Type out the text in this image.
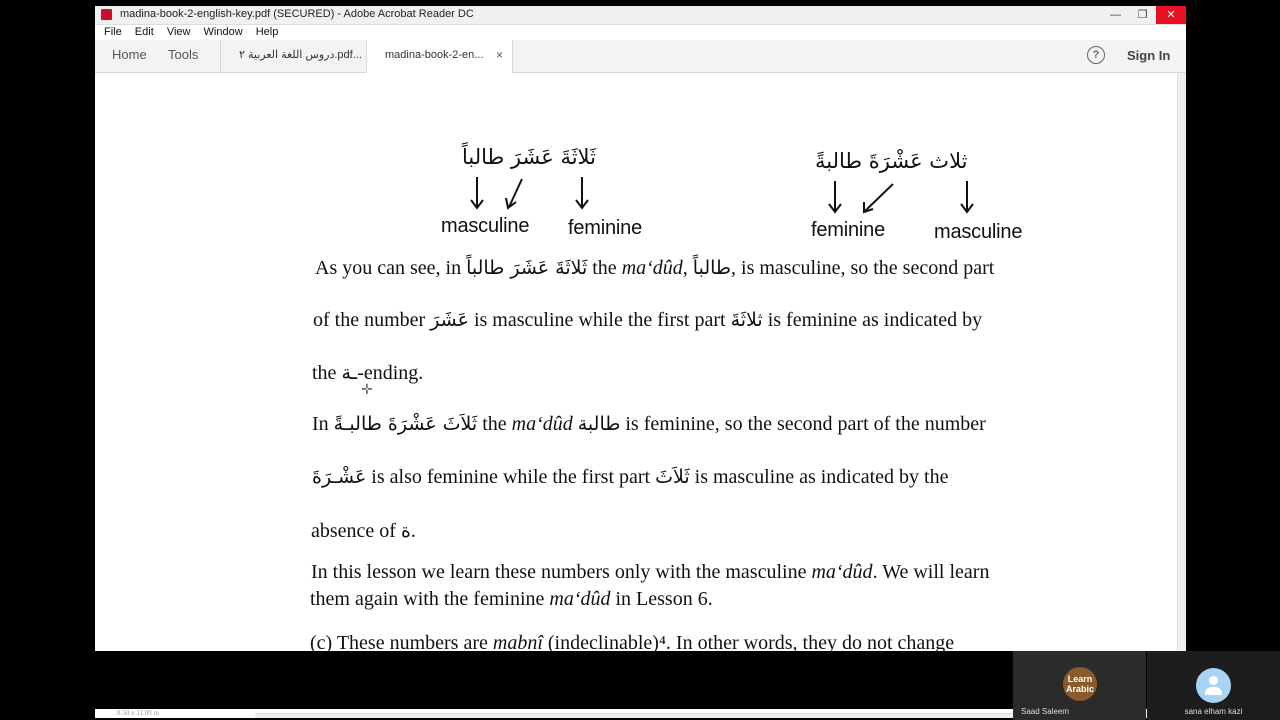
madina-book-2-english-key.pdf (SECURED) - Adobe Acrobat Reader DC	—	❐	✕
File Edit View Window Help
Home Tools	دروس اللغة العربية ٢.pdf...	madina-book-2-en... ×	?	Sign In
ثَلاثَةَ عَشَرَ طالباً
masculine feminine
ثلاث عَشْرَةَ طالبةً
feminine masculine
As you can see, in ثَلاثَةَ عَشَرَ طالباً the ma‘dûd, طالباً, is masculine, so the second part
of the number عَشَرَ is masculine while the first part ثلاثَةَ is feminine as indicated by
the ـة-ending.
In ثَلاَثَ عَشْرَةَ طالبـةً the ma‘dûd طالبة is feminine, so the second part of the number
عَشْـرَةَ is also feminine while the first part ثَلاَثَ is masculine as indicated by the
absence of ة.
In this lesson we learn these numbers only with the masculine ma‘dûd. We will learn
them again with the feminine ma‘dûd in Lesson 6.
(c) These numbers are mabnî (indeclinable)⁴. In other words, they do not change
✛
8.50 x 11.00 in
Learn Arabic
Saad Saleem	sana elham kazi
